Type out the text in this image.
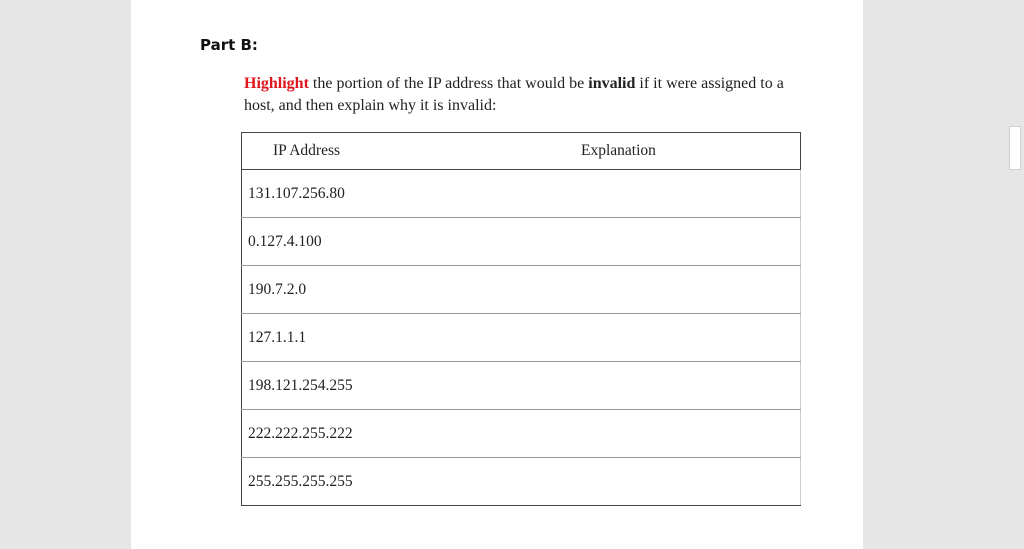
Part B:
Highlight the portion of the IP address that would be invalid if it were assigned to a host, and then explain why it is invalid:
IP Address	Explanation
131.107.256.80	
0.127.4.100	
190.7.2.0	
127.1.1.1	
198.121.254.255	
222.222.255.222	
255.255.255.255	
